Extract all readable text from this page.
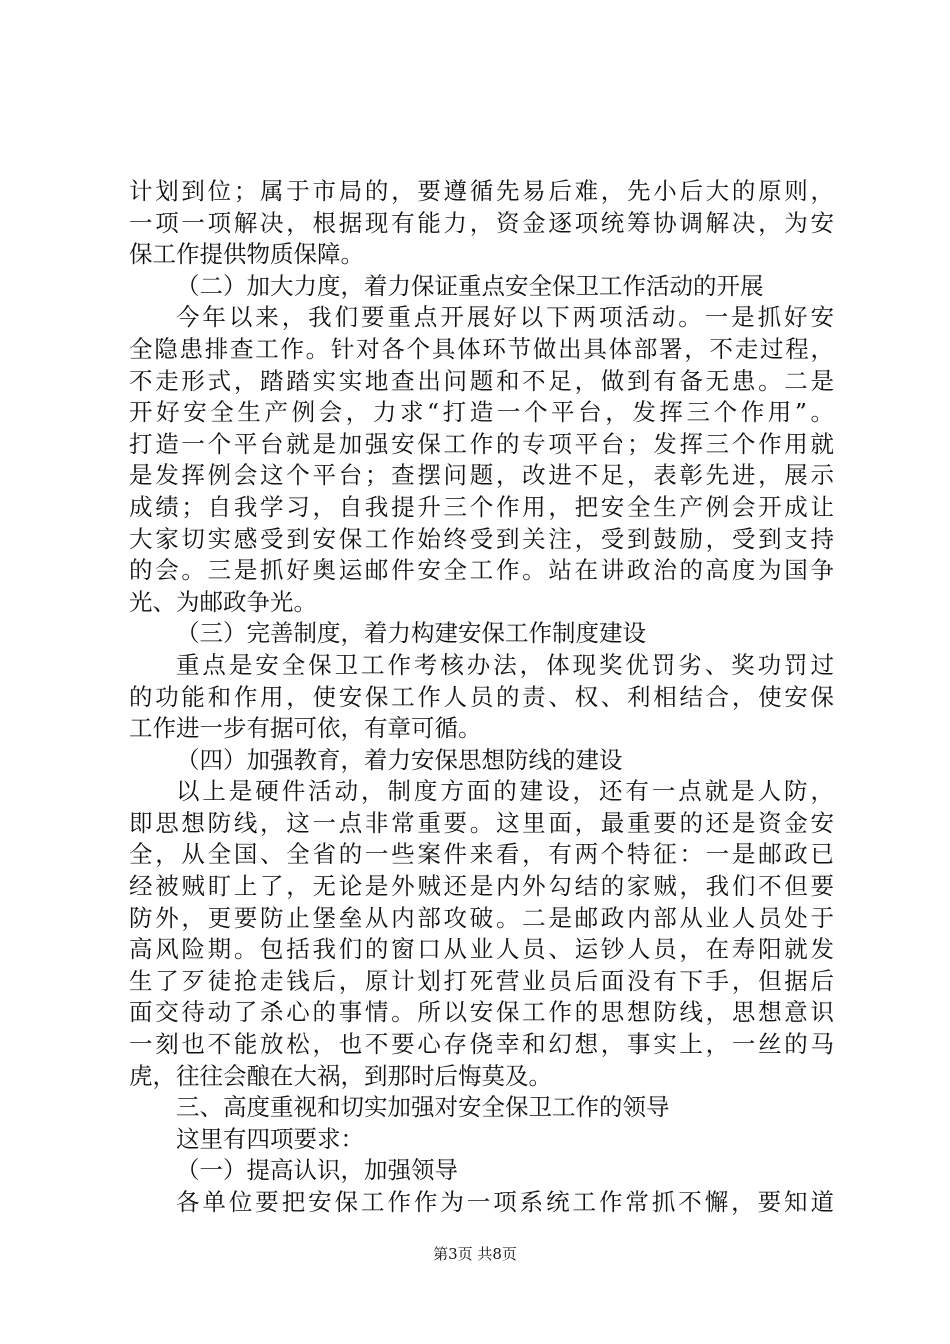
计划到位；属于市局的，要遵循先易后难，先小后大的原则，
一项一项解决，根据现有能力，资金逐项统筹协调解决，为安
保工作提供物质保障。
（二）加大力度，着力保证重点安全保卫工作活动的开展
今年以来，我们要重点开展好以下两项活动。一是抓好安
全隐患排查工作。针对各个具体环节做出具体部署，不走过程，
不走形式，踏踏实实地查出问题和不足，做到有备无患。二是
开好安全生产例会，力求“打造一个平台，发挥三个作用”。
打造一个平台就是加强安保工作的专项平台；发挥三个作用就
是发挥例会这个平台；查摆问题，改进不足，表彰先进，展示
成绩；自我学习，自我提升三个作用，把安全生产例会开成让
大家切实感受到安保工作始终受到关注，受到鼓励，受到支持
的会。三是抓好奥运邮件安全工作。站在讲政治的高度为国争
光、为邮政争光。
（三）完善制度，着力构建安保工作制度建设
重点是安全保卫工作考核办法，体现奖优罚劣、奖功罚过
的功能和作用，使安保工作人员的责、权、利相结合，使安保
工作进一步有据可依，有章可循。
（四）加强教育，着力安保思想防线的建设
以上是硬件活动，制度方面的建设，还有一点就是人防，
即思想防线，这一点非常重要。这里面，最重要的还是资金安
全，从全国、全省的一些案件来看，有两个特征：一是邮政已
经被贼盯上了，无论是外贼还是内外勾结的家贼，我们不但要
防外，更要防止堡垒从内部攻破。二是邮政内部从业人员处于
高风险期。包括我们的窗口从业人员、运钞人员，在寿阳就发
生了歹徒抢走钱后，原计划打死营业员后面没有下手，但据后
面交待动了杀心的事情。所以安保工作的思想防线，思想意识
一刻也不能放松，也不要心存侥幸和幻想，事实上，一丝的马
虎，往往会酿在大祸，到那时后悔莫及。
三、高度重视和切实加强对安全保卫工作的领导
这里有四项要求：
（一）提高认识，加强领导
各单位要把安保工作作为一项系统工作常抓不懈，要知道
第3页 共8页
